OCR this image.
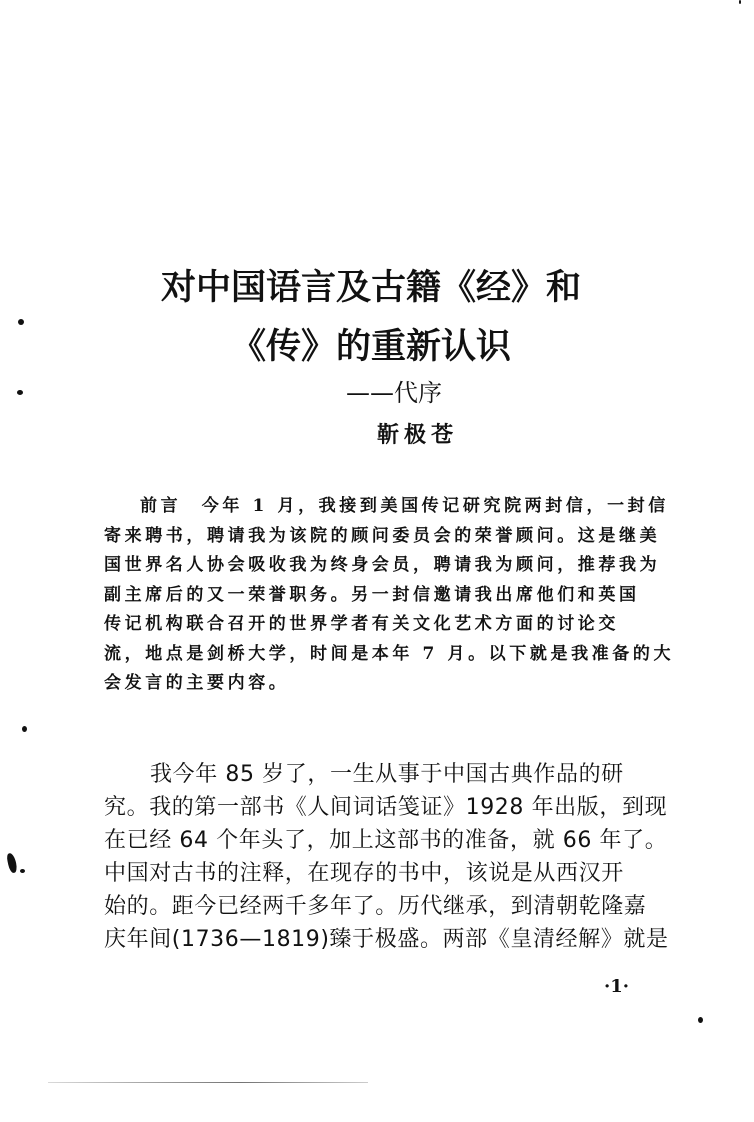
对中国语言及古籍《经》和
《传》的重新认识
——代序
靳极苍
前言　今年 1 月，我接到美国传记研究院两封信，一封信
寄来聘书，聘请我为该院的顾问委员会的荣誉顾问。这是继美
国世界名人协会吸收我为终身会员，聘请我为顾问，推荐我为
副主席后的又一荣誉职务。另一封信邀请我出席他们和英国
传记机构联合召开的世界学者有关文化艺术方面的讨论交
流，地点是剑桥大学，时间是本年 7 月。以下就是我准备的大
会发言的主要内容。
我今年 85 岁了，一生从事于中国古典作品的研
究。我的第一部书《人间词话笺证》1928 年出版，到现
在已经 64 个年头了，加上这部书的准备，就 66 年了。
中国对古书的注释，在现存的书中，该说是从西汉开
始的。距今已经两千多年了。历代继承，到清朝乾隆嘉
庆年间(1736—1819)臻于极盛。两部《皇清经解》就是
·1·
